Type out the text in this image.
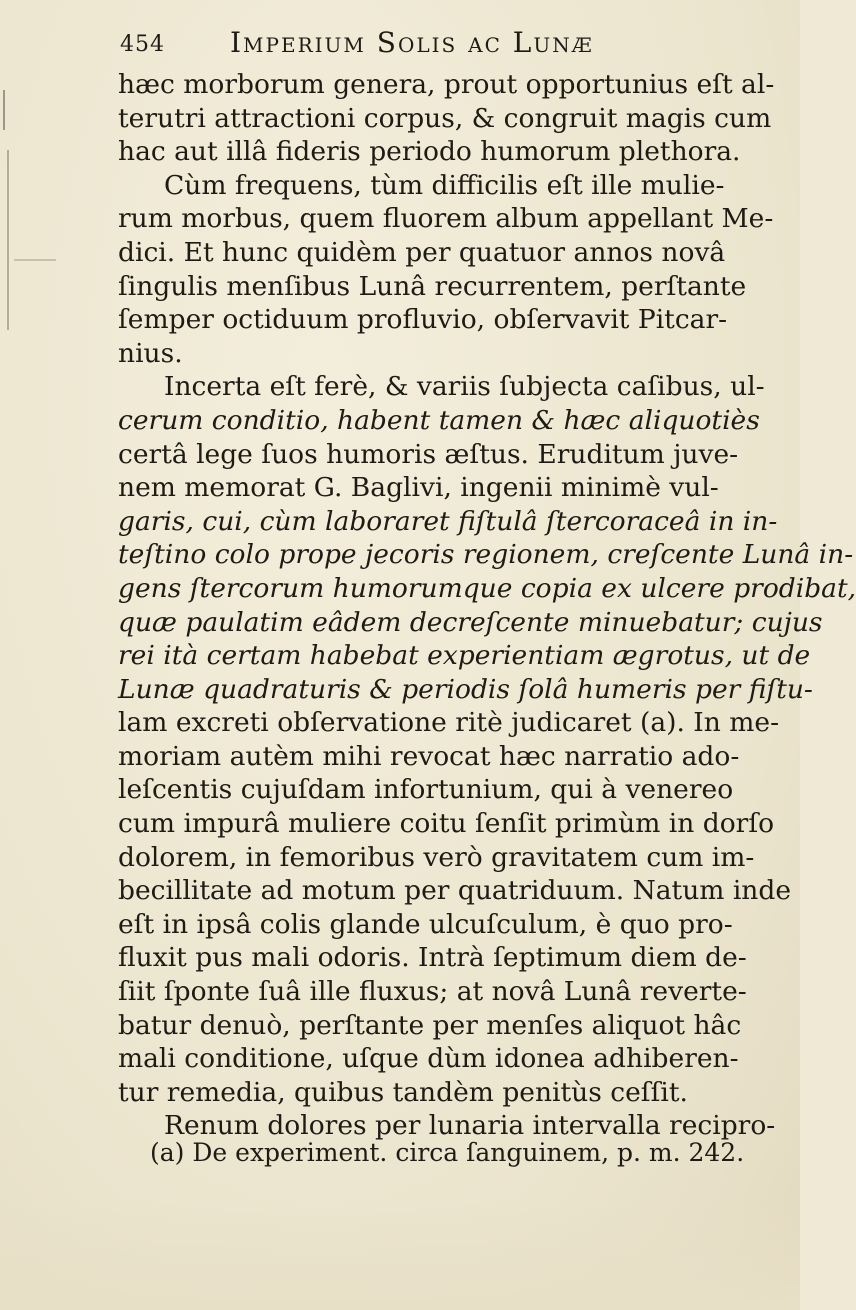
454 Imperium Solis ac Lunæ
hæc morborum genera, prout opportunius eſt al-
terutri attractioni corpus, & congruit magis cum
hac aut illâ fideris periodo humorum plethora.
Cùm frequens, tùm difficilis eſt ille mulie-
rum morbus, quem fluorem album appellant Me-
dici. Et hunc quidèm per quatuor annos novâ
ſingulis menſibus Lunâ recurrentem, perſtante
ſemper octiduum profluvio, obſervavit Pitcar-
nius.
Incerta eſt ferè, & variis ſubjecta caſibus, ul-
cerum conditio, habent tamen & hæc aliquotiès
certâ lege ſuos humoris æſtus. Eruditum juve-
nem memorat G. Baglivi, ingenii minimè vul-
garis, cui, cùm laboraret fiſtulâ ſtercoraceâ in in-
teſtino colo prope jecoris regionem, creſcente Lunâ in-
gens ſtercorum humorumque copia ex ulcere prodibat,
quæ paulatim eâdem decreſcente minuebatur; cujus
rei ità certam habebat experientiam ægrotus, ut de
Lunæ quadraturis & periodis ſolâ humeris per fiſtu-
lam excreti obſervatione ritè judicaret (a). In me-
moriam autèm mihi revocat hæc narratio ado-
leſcentis cujuſdam infortunium, qui à venereo
cum impurâ muliere coitu ſenſit primùm in dorſo
dolorem, in femoribus verò gravitatem cum im-
becillitate ad motum per quatriduum. Natum inde
eſt in ipsâ colis glande ulcuſculum, è quo pro-
fluxit pus mali odoris. Intrà ſeptimum diem de-
ſiit ſponte ſuâ ille fluxus; at novâ Lunâ reverte-
batur denuò, perſtante per menſes aliquot hâc
mali conditione, uſque dùm idonea adhiberen-
tur remedia, quibus tandèm penitùs ceſſit.
Renum dolores per lunaria intervalla recipro-
(a) De experiment. circa ſanguinem, p. m. 242.
